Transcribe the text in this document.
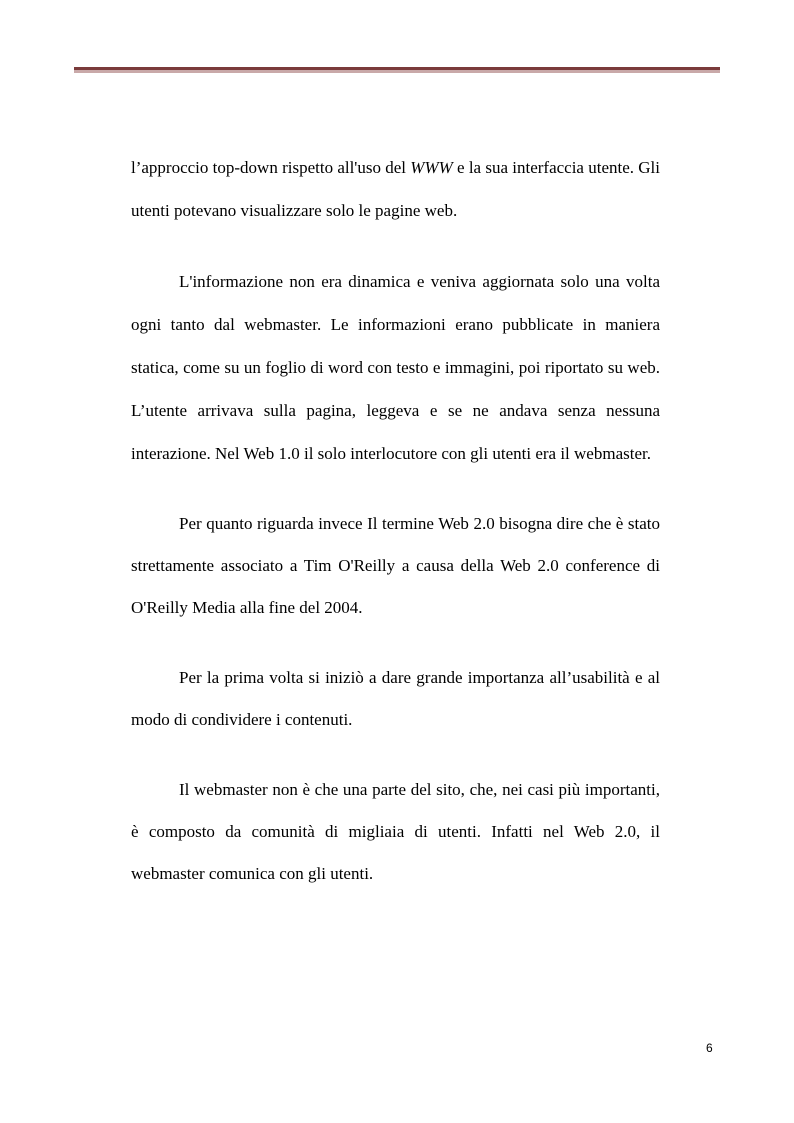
l’approccio top-down rispetto all'uso del WWW e la sua interfaccia utente. Gli utenti potevano visualizzare solo le pagine web.

L'informazione non era dinamica e veniva aggiornata solo una volta ogni tanto dal webmaster. Le informazioni erano pubblicate in maniera statica, come su un foglio di word con testo e immagini, poi riportato su web. L’utente arrivava sulla pagina, leggeva e se ne andava senza nessuna interazione. Nel Web 1.0 il solo interlocutore con gli utenti era il webmaster.

Per quanto riguarda invece Il termine Web 2.0 bisogna dire che è stato strettamente associato a Tim O'Reilly a causa della Web 2.0 conference di O'Reilly Media alla fine del 2004.

Per la prima volta si iniziò a dare grande importanza all’usabilità e al modo di condividere i contenuti.

Il webmaster non è che una parte del sito, che, nei casi più importanti, è composto da comunità di migliaia di utenti. Infatti nel Web 2.0, il webmaster comunica con gli utenti.

6
